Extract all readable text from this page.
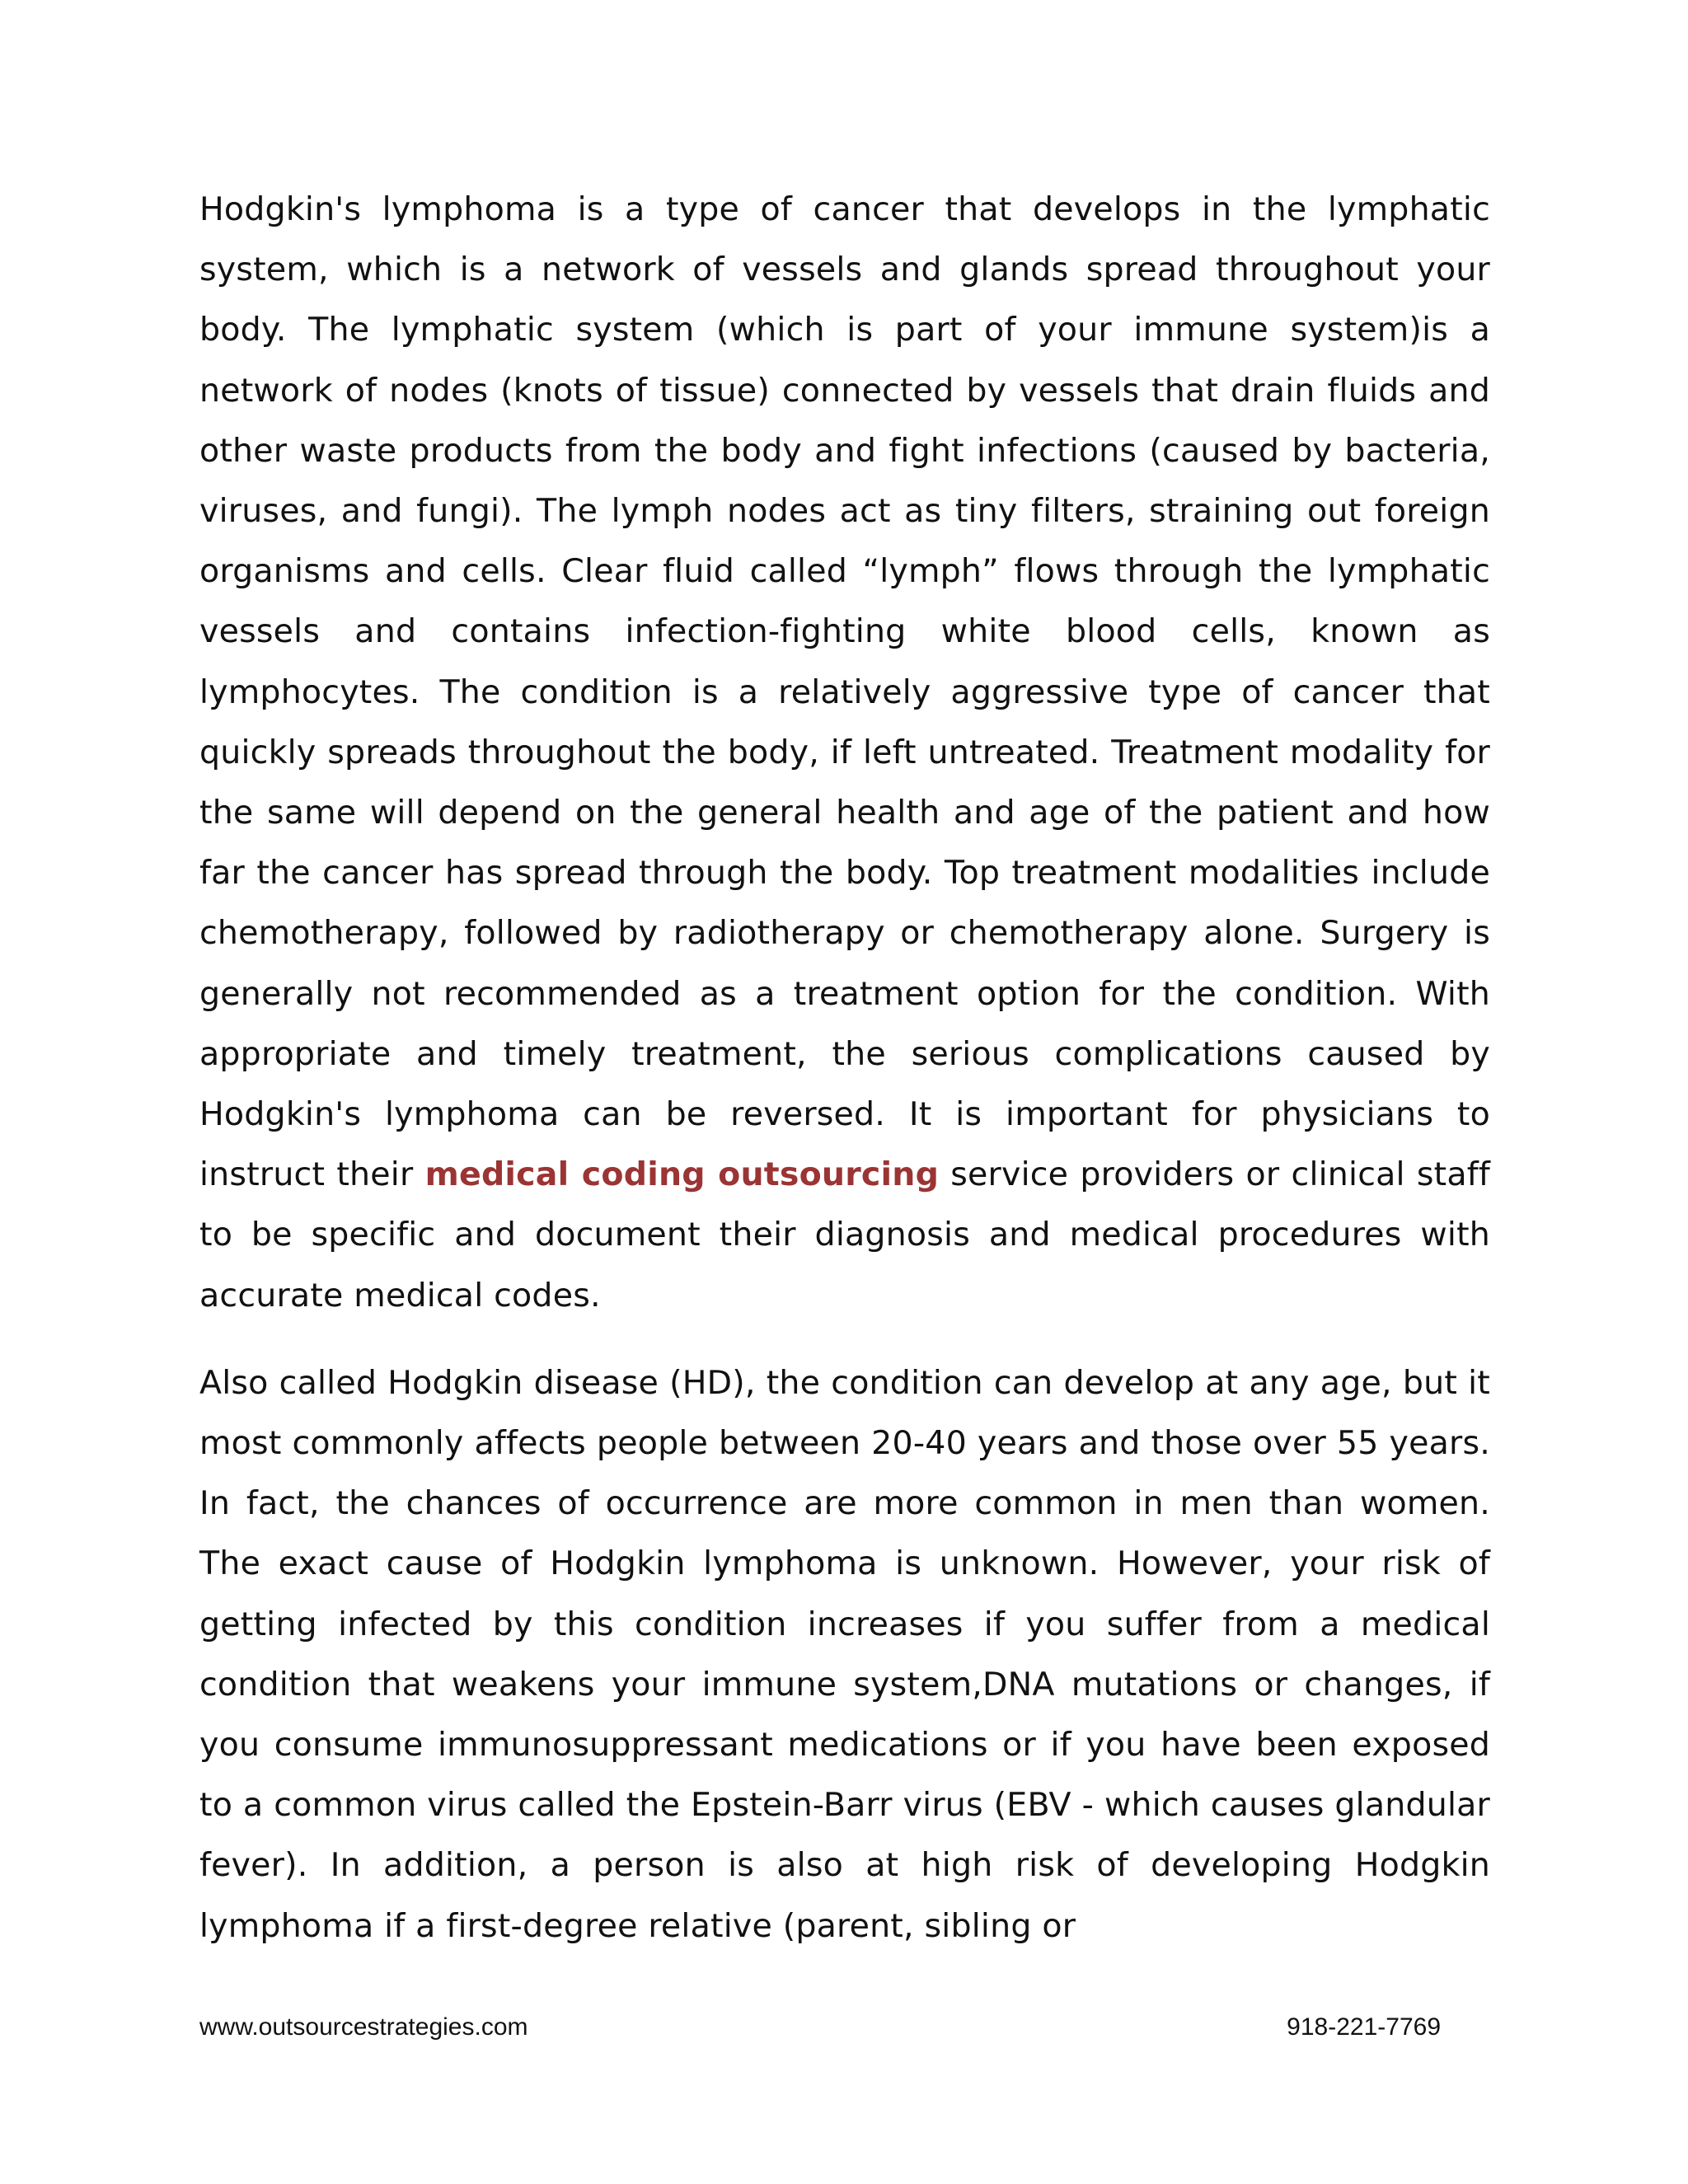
Hodgkin's lymphoma is a type of cancer that develops in the lymphatic system, which is a network of vessels and glands spread throughout your body. The lymphatic system (which is part of your immune system)is a network of nodes (knots of tissue) connected by vessels that drain fluids and other waste products from the body and fight infections (caused by bacteria, viruses, and fungi). The lymph nodes act as tiny filters, straining out foreign organisms and cells. Clear fluid called “lymph” flows through the lymphatic vessels and contains infection-fighting white blood cells, known as lymphocytes. The condition is a relatively aggressive type of cancer that quickly spreads throughout the body, if left untreated. Treatment modality for the same will depend on the general health and age of the patient and how far the cancer has spread through the body. Top treatment modalities include chemotherapy, followed by radiotherapy or chemotherapy alone. Surgery is generally not recommended as a treatment option for the condition. With appropriate and timely treatment, the serious complications caused by Hodgkin's lymphoma can be reversed. It is important for physicians to instruct their medical coding outsourcing service providers or clinical staff to be specific and document their diagnosis and medical procedures with accurate medical codes.

Also called Hodgkin disease (HD), the condition can develop at any age, but it most commonly affects people between 20-40 years and those over 55 years. In fact, the chances of occurrence are more common in men than women. The exact cause of Hodgkin lymphoma is unknown. However, your risk of getting infected by this condition increases if you suffer from a medical condition that weakens your immune system,DNA mutations or changes, if you consume immunosuppressant medications or if you have been exposed to a common virus called the Epstein-Barr virus (EBV - which causes glandular fever). In addition, a person is also at high risk of developing Hodgkin lymphoma if a first-degree relative (parent, sibling or

www.outsourcestrategies.com	918-221-7769
